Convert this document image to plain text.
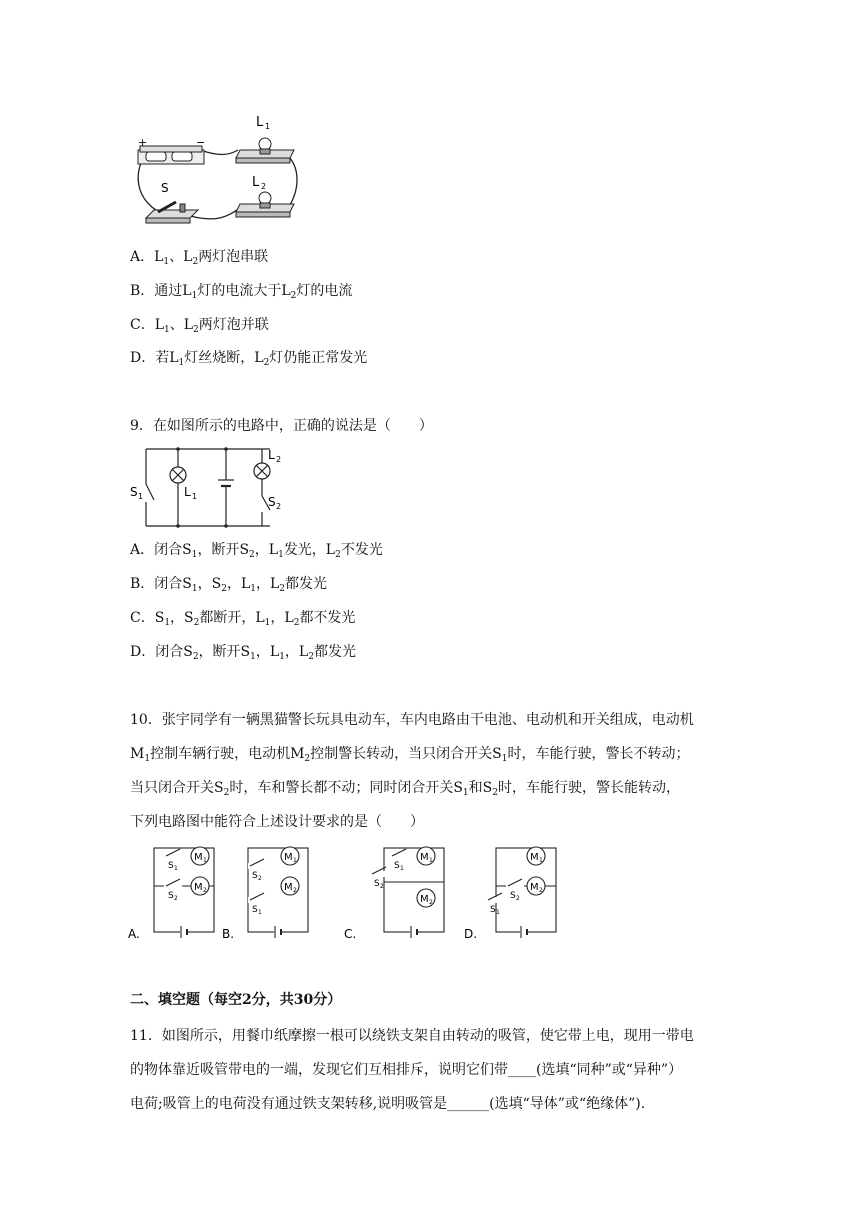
+	−
L 1
L 2
S
A．$L_1$、$L_2$两灯泡串联
B．通过$L_1$灯的电流大于$L_2$灯的电流
C．$L_1$、$L_2$两灯泡并联
D．若$L_1$灯丝烧断，$L_2$灯仍能正常发光
9．在如图所示的电路中，正确的说法是（　　）
S 1	L 1
L 2
S 2
A．闭合$S_1$，断开$S_2$，$L_1$发光，$L_2$不发光
B．闭合$S_1$，$S_2$，$L_1$，$L_2$都发光
C．$S_1$，$S_2$都断开，$L_1$，$L_2$都不发光
D．闭合$S_2$，断开$S_1$，$L_1$，$L_2$都发光
10．张宇同学有一辆黑猫警长玩具电动车，车内电路由干电池、电动机和开关组成，电动机
$M_1$控制车辆行驶，电动机$M_2$控制警长转动，当只闭合开关$S_1$时，车能行驶，警长不转动；
当只闭合开关$S_2$时，车和警长都不动；同时闭合开关$S_1$和$S_2$时，车能行驶，警长能转动，
下列电路图中能符合上述设计要求的是（　　）
M 1
M 2
S 1
S 2
M 1
M 2
S 2
S 1
M 1
M 2
S 1
S 2
M 1
M 2
S 2
S 1
A.	B.	C.	D.
二、填空题（每空2分，共30分）
11．如图所示，用餐巾纸摩擦一根可以绕铁支架自由转动的吸管，使它带上电，现用一带电
的物体靠近吸管带电的一端，发现它们互相排斥，说明它们带____(选填“同种”或“异种”）
电荷;吸管上的电荷没有通过铁支架转移,说明吸管是______(选填“导体”或“绝缘体”).
